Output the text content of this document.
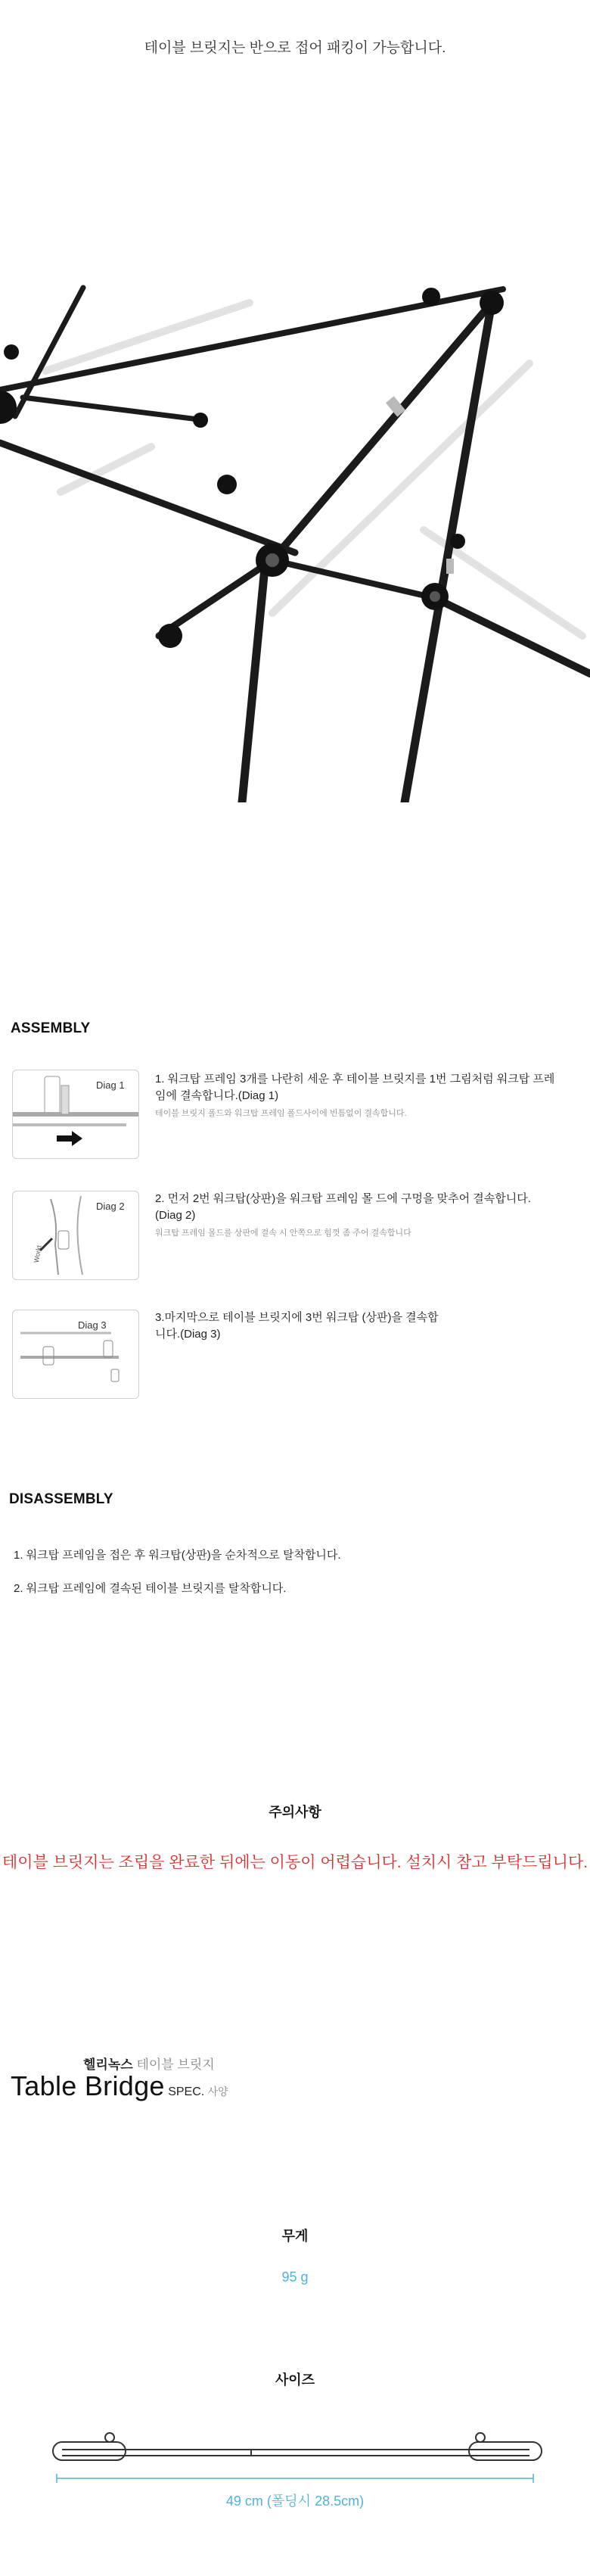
테이블 브릿지는 반으로 접어 패킹이 가능합니다.
ASSEMBLY
Diag 1	1. 워크탑 프레임 3개를 나란히 세운 후 테이블 브릿지를 1번 그림처럼 워크탑 프레임에 결속합니다.(Diag 1)
테이블 브릿지 폴드와 워크탑 프레임 폴드사이에 빈틈없이 결속합니다.
Workt
Diag 2
2. 먼저 2번 워크탑(상판)을 워크탑 프레임 몰 드에 구멍을 맞추어 결속합니다.(Diag 2)
워크탑 프레임 몰드를 상판에 결속 시 안쪽으로 힘껏 좀 주어 결속합니다
Diag 3
3.마지막으로 테이블 브릿지에 3번 워크탑 (상판)을 결속합니다.(Diag 3)
DISASSEMBLY
1. 워크탑 프레임을 접은 후 워크탑(상판)을 순차적으로 탈착합니다.
2. 워크탑 프레임에 결속된 테이블 브릿지를 탈착합니다.
주의사항
테이블 브릿지는 조립을 완료한 뒤에는 이동이 어렵습니다. 설치시 참고 부탁드립니다.
헬리녹스 테이블 브릿지
Table Bridge SPEC. 사양
무게
95 g
사이즈
49 cm (폴딩시 28.5cm)
